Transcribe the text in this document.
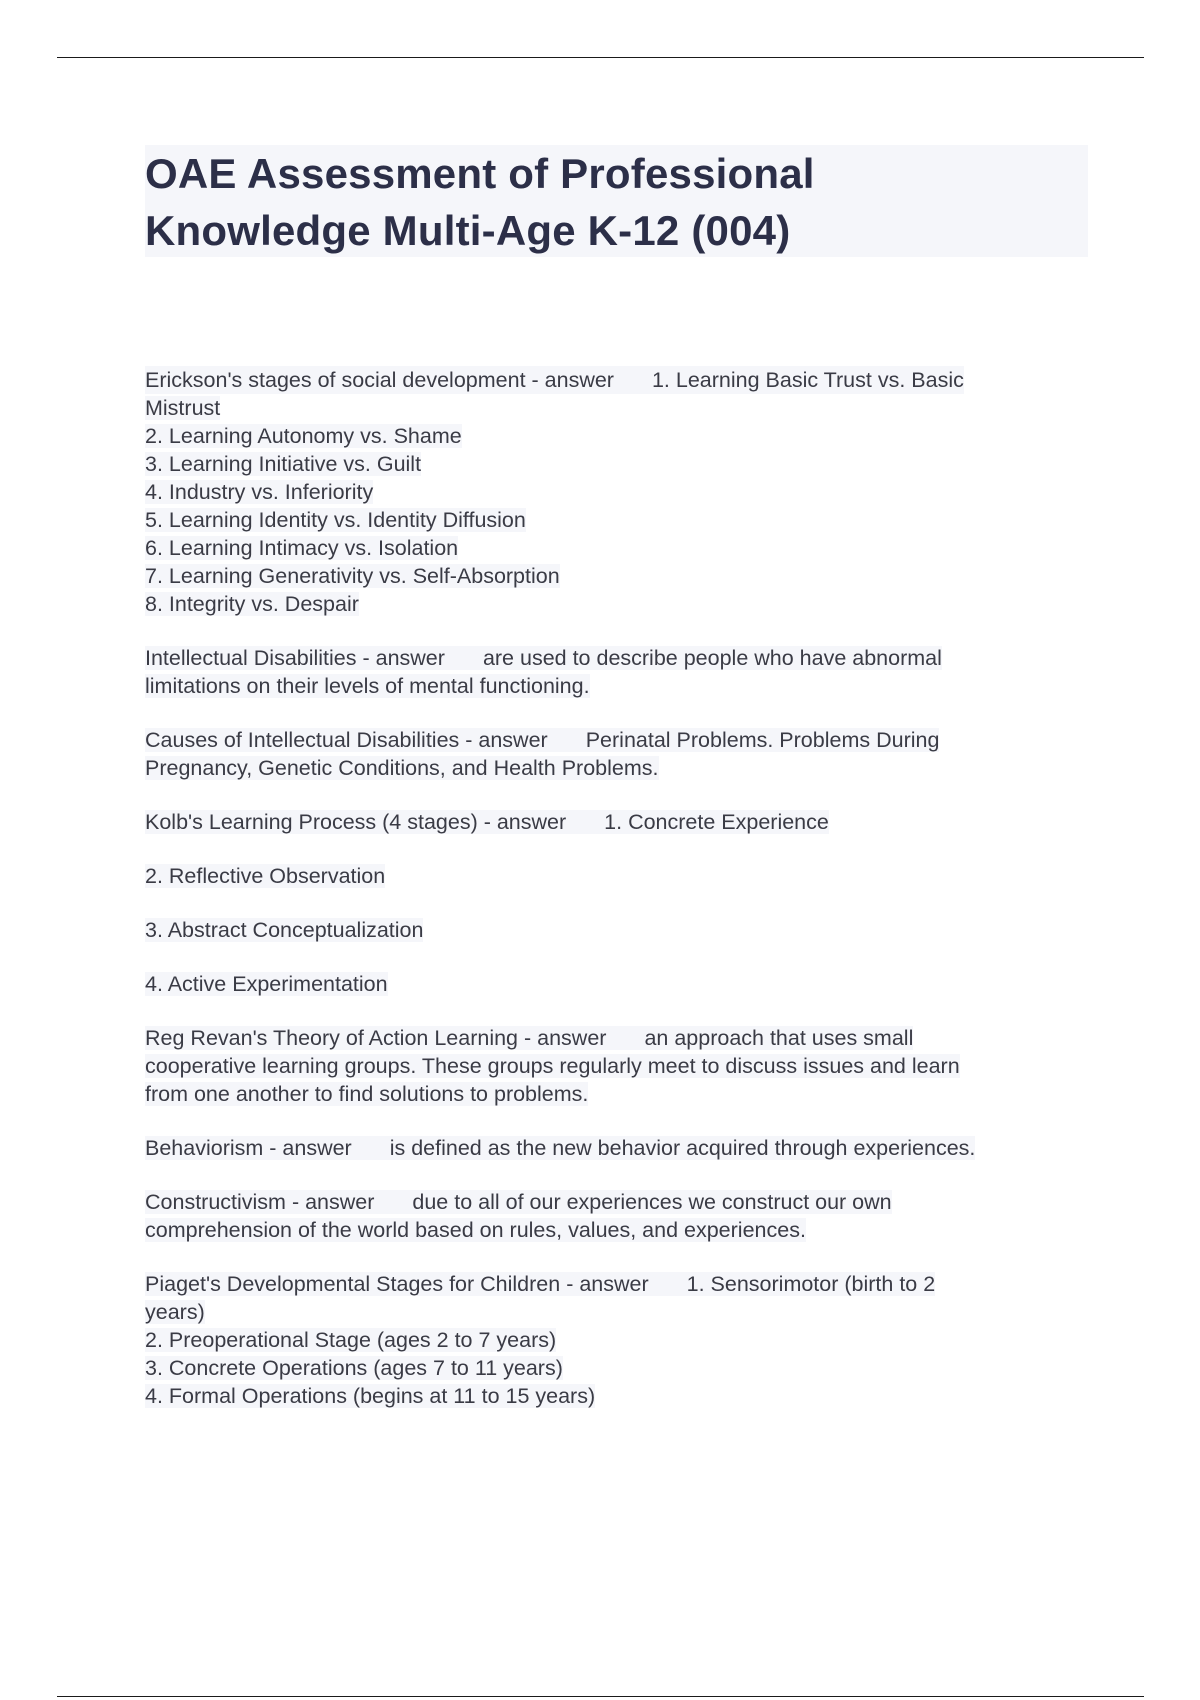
OAE Assessment of Professional
Knowledge Multi-Age K-12 (004)
Erickson's stages of social development - answer 1. Learning Basic Trust vs. Basic
Mistrust
2. Learning Autonomy vs. Shame
3. Learning Initiative vs. Guilt
4. Industry vs. Inferiority
5. Learning Identity vs. Identity Diffusion
6. Learning Intimacy vs. Isolation
7. Learning Generativity vs. Self-Absorption
8. Integrity vs. Despair
Intellectual Disabilities - answer are used to describe people who have abnormal
limitations on their levels of mental functioning.
Causes of Intellectual Disabilities - answer Perinatal Problems. Problems During
Pregnancy, Genetic Conditions, and Health Problems.
Kolb's Learning Process (4 stages) - answer 1. Concrete Experience
2. Reflective Observation
3. Abstract Conceptualization
4. Active Experimentation
Reg Revan's Theory of Action Learning - answer an approach that uses small
cooperative learning groups. These groups regularly meet to discuss issues and learn
from one another to find solutions to problems.
Behaviorism - answer is defined as the new behavior acquired through experiences.
Constructivism - answer due to all of our experiences we construct our own
comprehension of the world based on rules, values, and experiences.
Piaget's Developmental Stages for Children - answer 1. Sensorimotor (birth to 2
years)
2. Preoperational Stage (ages 2 to 7 years)
3. Concrete Operations (ages 7 to 11 years)
4. Formal Operations (begins at 11 to 15 years)
